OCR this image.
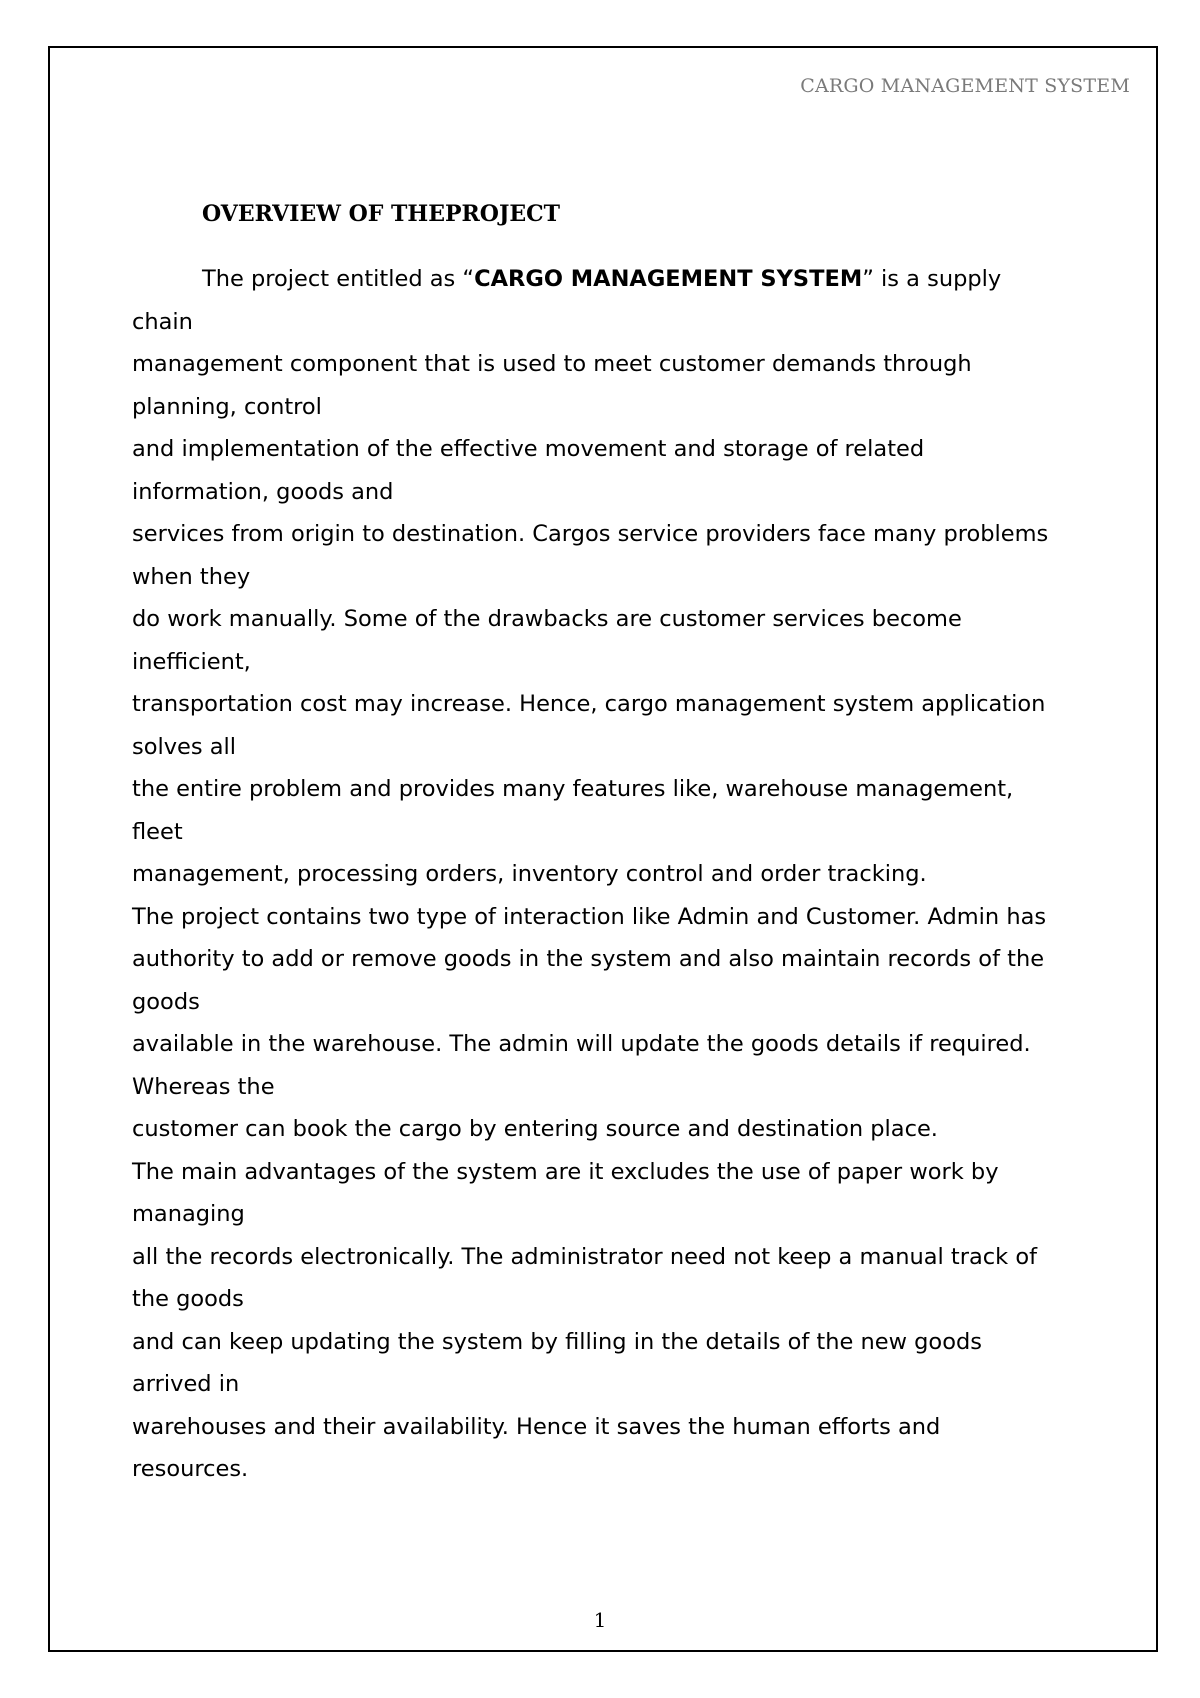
CARGO MANAGEMENT SYSTEM
OVERVIEW OF THEPROJECT
The project entitled as “CARGO MANAGEMENT SYSTEM” is a supply
chain
management component that is used to meet customer demands through
planning, control
and implementation of the effective movement and storage of related
information, goods and
services from origin to destination. Cargos service providers face many problems
when they
do work manually. Some of the drawbacks are customer services become
inefficient,
transportation cost may increase. Hence, cargo management system application
solves all
the entire problem and provides many features like, warehouse management,
fleet
management, processing orders, inventory control and order tracking.
The project contains two type of interaction like Admin and Customer. Admin has
authority to add or remove goods in the system and also maintain records of the
goods
available in the warehouse. The admin will update the goods details if required.
Whereas the
customer can book the cargo by entering source and destination place.
The main advantages of the system are it excludes the use of paper work by
managing
all the records electronically. The administrator need not keep a manual track of
the goods
and can keep updating the system by filling in the details of the new goods
arrived in
warehouses and their availability. Hence it saves the human efforts and
resources.
1
